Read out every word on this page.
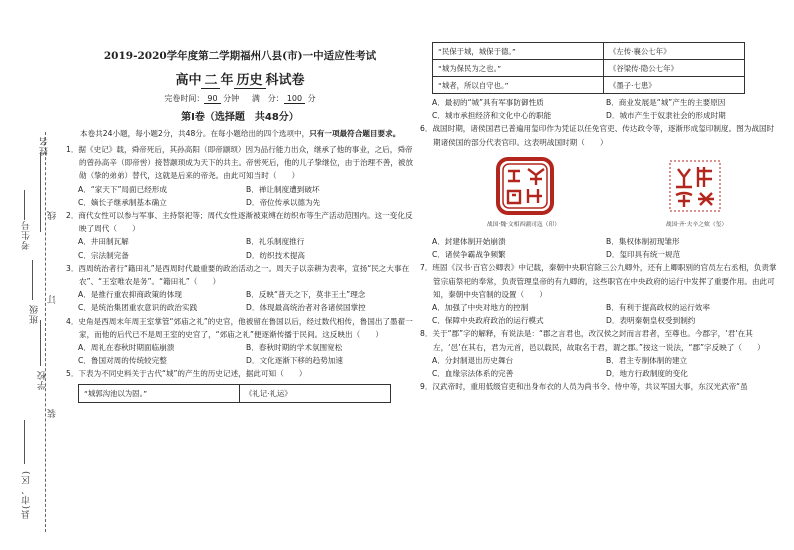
姓名
线
考生号
订
班级
学校
装
县(市、区)
2019-2020学年度第二学期福州八县(市)一中适应性考试
高中 二 年 历史 科试卷
完卷时间： 90 分钟 满　分： 100 分
第Ⅰ卷（选择题　共48分）
本卷共24小题，每小题2分，共48分。在每小题给出的四个选项中，只有一项最符合题目要求。
1．据《史记》载，舜帝死后，其孙高阳（即帝颛顼）因为品行能力出众，继承了他的事业，之后，舜帝的曾孙高辛（即帝喾）接替颛顼成为天下的共主。帝喾死后，他的儿子挚继位，由于治理不善，被放勋（挚的弟弟）替代，这就是后来的帝尧。由此可知当时（　　）
A．“家天下”局面已经形成	B．禅让制度遭到破坏
C．嫡长子继承制基本确立	D．帝位传承以德为先
2．商代女性可以参与军事、主持祭祀等；周代女性逐渐被束缚在纺织布等生产活动范围内。这一变化反映了周代（　　）
A．井田制瓦解	B．礼乐制度推行
C．宗法制完备	D．纺织技术提高
3．西周统治者行“籍田礼”是西周时代最重要的政治活动之一。周天子以亲耕为表率，宣扬“民之大事在农”、“王室唯农是务”。“籍田礼”（　　）
A．是推行重农抑商政策的体现	B．反映“普天之下，莫非王土”理念
C．是统治集团重农意识的政治实践	D．体现最高统治者对各诸侯国掌控
4．史角是西周末年周王室掌管“郊庙之礼”的史官，他被留在鲁国以后，经过数代相传，鲁国出了墨翟一家，而他的后代已不是周王室的史官了，“郊庙之礼”便逐渐传播于民间。这反映出（　　）
A．周礼在春秋时期面临崩溃	B．春秋时期的学术氛围宽松
C．鲁国对周的传统较完整	D．文化逐渐下移的趋势加速
5．下表为不同史料关于古代“城”的产生的历史记述，据此可知（　　）
“城郭沟池以为固。”	《礼记·礼运》
“民保于城，城保于德。”	《左传·襄公七年》
“城为保民为之也。”	《谷梁传·隐公七年》
“城者，所以自守也。”	《墨子·七患》
A．最初的“城”具有军事防御性质	B．商业发展是“城”产生的主要原因
C．城市承担经济和文化中心的职能	D．城市产生于奴隶社会的形成时期
6．战国时期，诸侯国君已普遍用玺印作为凭证以任免官吏、传达政令等，逐渐形成玺印制度。图为战国时期诸侯国的部分代表官印。这表明战国时期（　　）
战国·魏·文相西疆司寇（印）	战国·齐·夫辛之欸（玺）
A．封建体制开始崩溃	B．集权体制初现雏形
C．诸侯争霸战争频繁	D．玺印具有统一规范
7．班固《汉书·百官公卿表》中记载，秦朝中央职官除三公九卿外，还有上卿职别的官员左右丞相，负责掌管宗庙祭祀的奉常，负责管理皇帝的有九卿的，这些职官在中央政府的运行中发挥了重要作用。由此可知，秦朝中央官制的设置（　　）
A．加强了中央对地方的控制	B．有利于提高政权的运行效率
C．保障中央政府政治的运行模式	D．表明秦朝皇权受到制约
8．关于“郡”字的解释，有说法是：“郡之言君也，改汉侯之封而言君者，至尊也。今郡字，‘君’在其左，‘邑’在其右，君为元首，邑以载民，故取名于君，谓之郡。”按这一说法，“郡”字反映了（　　）
A．分封制退出历史舞台	B．君主专制体制的建立
C．血缘宗法体系的完善	D．地方行政制度的变化
9．汉武帝时，重用低级官吏和出身布衣的人员为尚书令、侍中等，共议军国大事，东汉光武帝“虽
